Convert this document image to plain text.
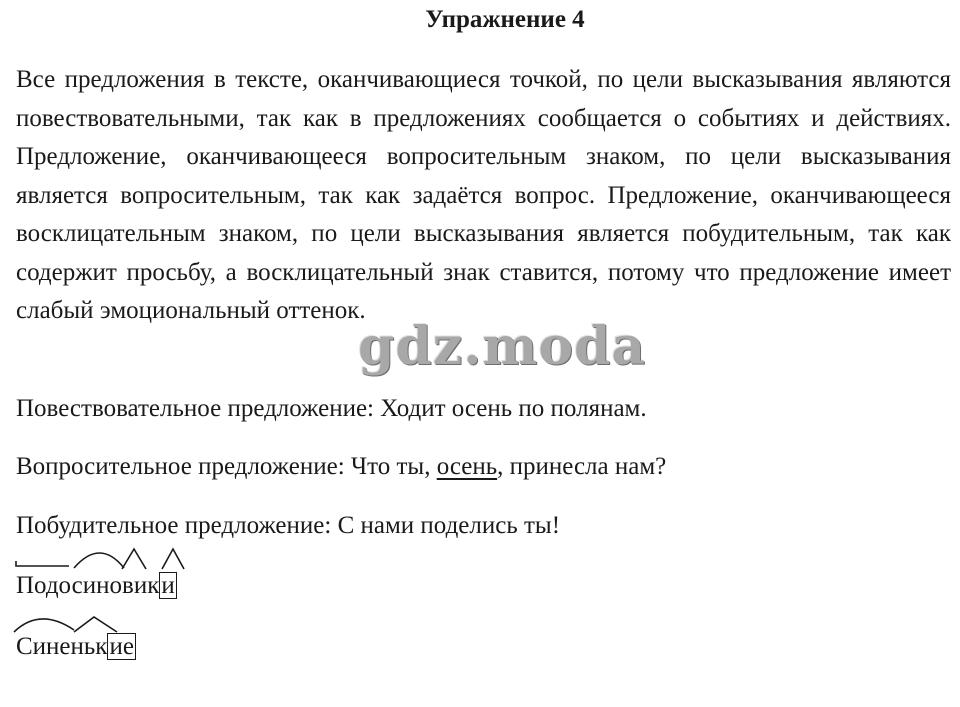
Упражнение 4

Все предложения в тексте, оканчивающиеся точкой, по цели высказывания являются повествовательными, так как в предложениях сообщается о событиях и действиях. Предложение, оканчивающееся вопросительным знаком, по цели высказывания является вопросительным, так как задаётся вопрос. Предложение, оканчивающееся восклицательным знаком, по цели высказывания является побудительным, так как содержит просьбу, а восклицательный знак ставится, потому что предложение имеет слабый эмоциональный оттенок.

gdz.moda
Повествовательное предложение: Ходит осень по полянам.
Вопросительное предложение: Что ты, осень, принесла нам?
Побудительное предложение: С нами поделись ты!
Подосиновики
Синенькие
